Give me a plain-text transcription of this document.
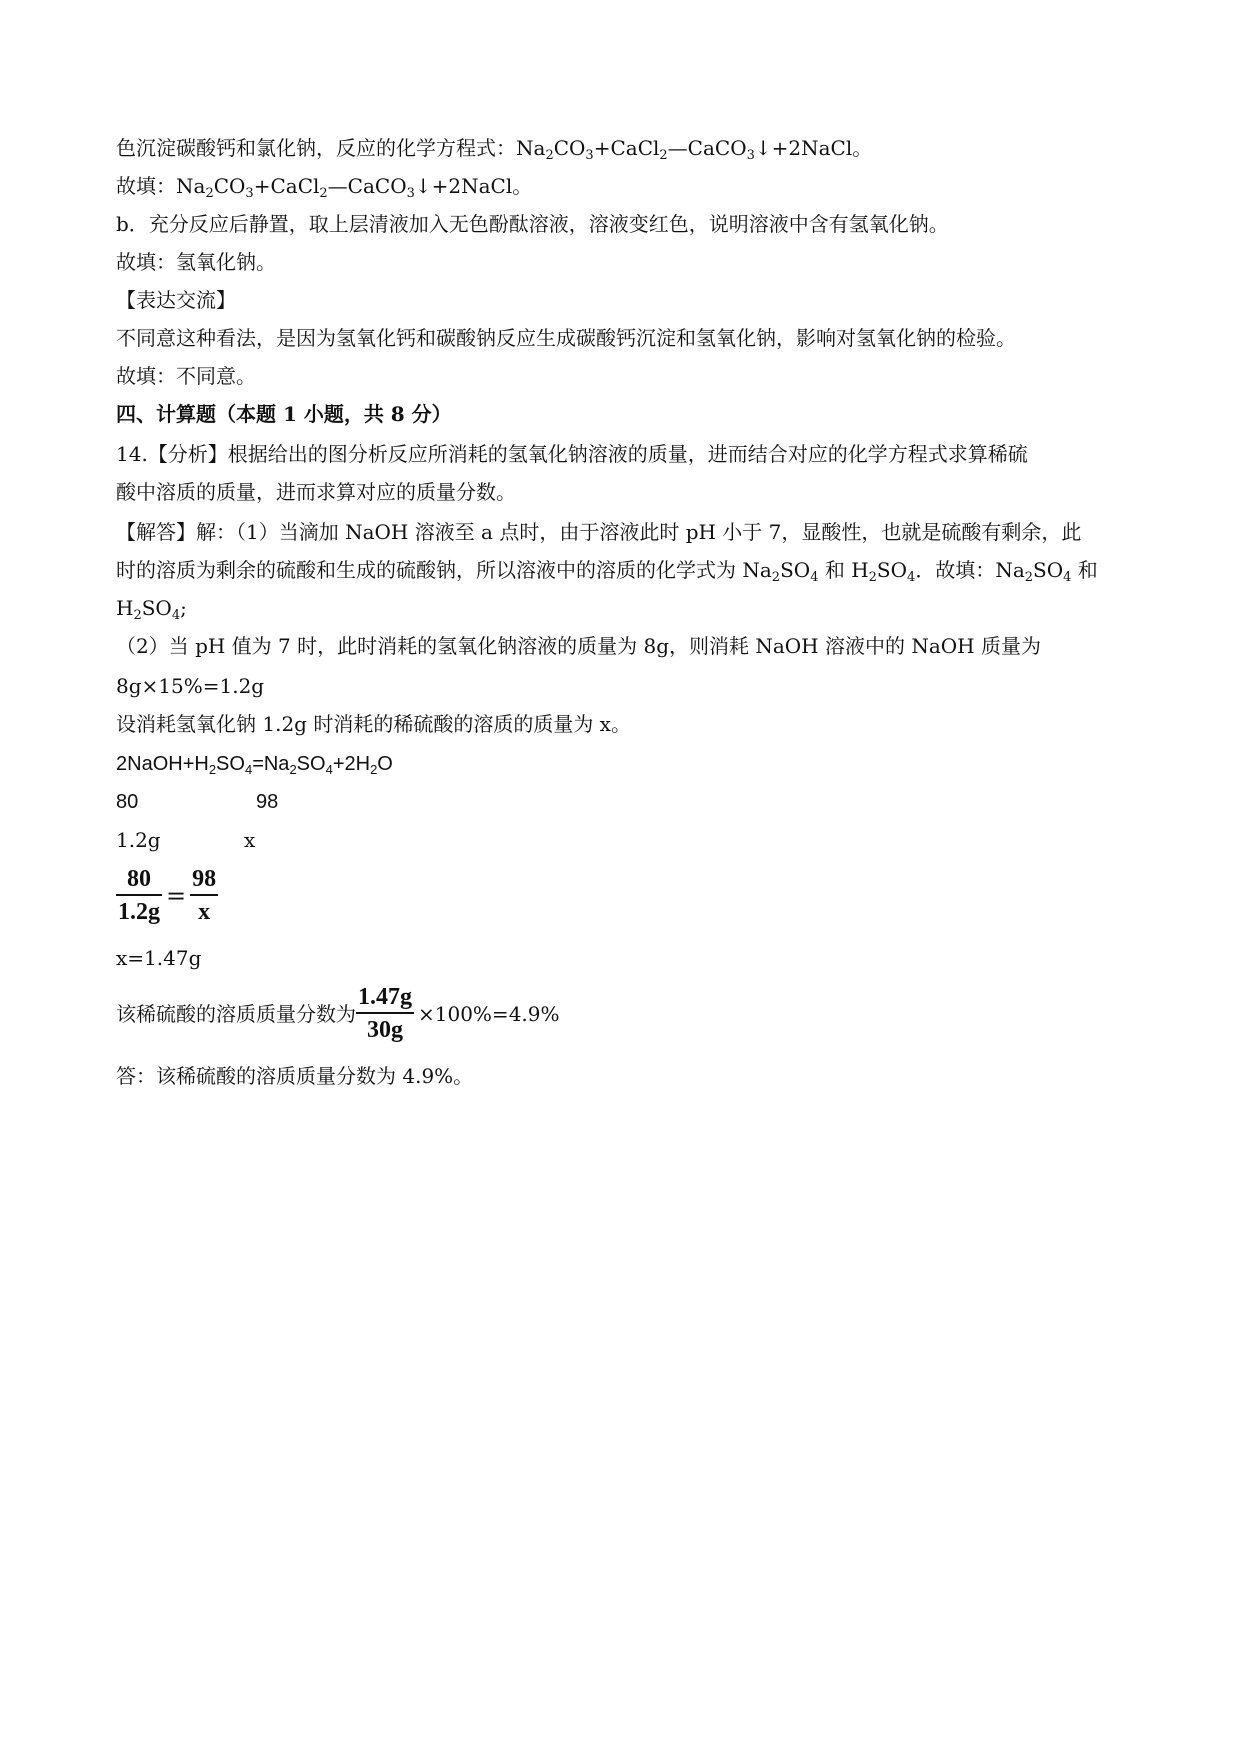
色沉淀碳酸钙和氯化钠，反应的化学方程式：$Na_2CO_3+CaCl_2—CaCO_3↓+2NaCl$。
故填：$Na_2CO_3+CaCl_2—CaCO_3↓+2NaCl$。
b．充分反应后静置，取上层清液加入无色酚酞溶液，溶液变红色，说明溶液中含有氢氧化钠。
故填：氢氧化钠。
【表达交流】
不同意这种看法，是因为氢氧化钙和碳酸钠反应生成碳酸钙沉淀和氢氧化钠，影响对氢氧化钠的检验。
故填：不同意。
四、计算题（本题 1 小题，共 8 分）
14.【分析】根据给出的图分析反应所消耗的氢氧化钠溶液的质量，进而结合对应的化学方程式求算稀硫
酸中溶质的质量，进而求算对应的质量分数。
【解答】解：（1）当滴加 NaOH 溶液至 a 点时，由于溶液此时 pH 小于 7，显酸性，也就是硫酸有剩余，此
时的溶质为剩余的硫酸和生成的硫酸钠，所以溶液中的溶质的化学式为 $Na_2SO_4$ 和 $H_2SO_4$．故填：$Na_2SO_4$ 和
$H_2SO_4$;
（2）当 pH 值为 7 时，此时消耗的氢氧化钠溶液的质量为 8g，则消耗 NaOH 溶液中的 NaOH 质量为
8g×15%=1.2g
设消耗氢氧化钠 1.2g 时消耗的稀硫酸的溶质的质量为 x。
$2NaOH+H_2SO_4=Na_2SO_4+2H_2O$
80	98
1.2g	x
$\frac{80}{1.2g} = \frac{98}{x}$
x=1.47g
该稀硫酸的溶质质量分数为 $\frac{1.47g}{30g} \times 100\%=4.9\%$
答：该稀硫酸的溶质质量分数为 4.9%。
